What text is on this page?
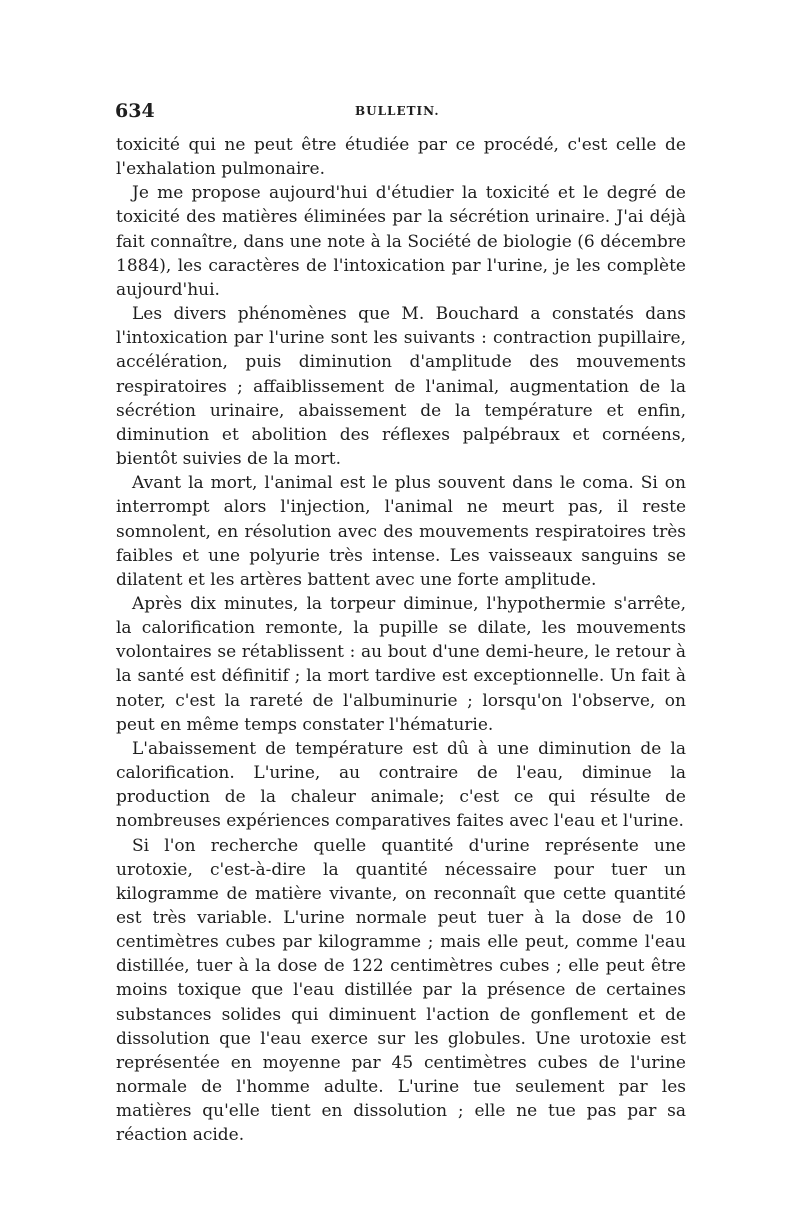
634	BULLETIN.

toxicité qui ne peut être étudiée par ce procédé, c'est celle de l'exhalation pulmonaire.

Je me propose aujourd'hui d'étudier la toxicité et le degré de toxicité des matières éliminées par la sécrétion urinaire. J'ai déjà fait connaître, dans une note à la Société de biologie (6 décembre 1884), les caractères de l'intoxication par l'urine, je les complète aujourd'hui.

Les divers phénomènes que M. Bouchard a constatés dans l'intoxication par l'urine sont les suivants : contraction pupillaire, accélération, puis diminution d'amplitude des mouvements respiratoires ; affaiblissement de l'animal, augmentation de la sécrétion urinaire, abaissement de la température et enfin, diminution et abolition des réflexes palpébraux et cornéens, bientôt suivies de la mort.

Avant la mort, l'animal est le plus souvent dans le coma. Si on interrompt alors l'injection, l'animal ne meurt pas, il reste somnolent, en résolution avec des mouvements respiratoires très faibles et une polyurie très intense. Les vaisseaux sanguins se dilatent et les artères battent avec une forte amplitude.

Après dix minutes, la torpeur diminue, l'hypothermie s'arrête, la calorification remonte, la pupille se dilate, les mouvements volontaires se rétablissent : au bout d'une demi-heure, le retour à la santé est définitif ; la mort tardive est exceptionnelle. Un fait à noter, c'est la rareté de l'albuminurie ; lorsqu'on l'observe, on peut en même temps constater l'hématurie.

L'abaissement de température est dû à une diminution de la calorification. L'urine, au contraire de l'eau, diminue la production de la chaleur animale; c'est ce qui résulte de nombreuses expériences comparatives faites avec l'eau et l'urine.

Si l'on recherche quelle quantité d'urine représente une urotoxie, c'est-à-dire la quantité nécessaire pour tuer un kilogramme de matière vivante, on reconnaît que cette quantité est très variable. L'urine normale peut tuer à la dose de 10 centimètres cubes par kilogramme ; mais elle peut, comme l'eau distillée, tuer à la dose de 122 centimètres cubes ; elle peut être moins toxique que l'eau distillée par la présence de certaines substances solides qui diminuent l'action de gonflement et de dissolution que l'eau exerce sur les globules. Une urotoxie est représentée en moyenne par 45 centimètres cubes de l'urine normale de l'homme adulte. L'urine tue seulement par les matières qu'elle tient en dissolution ; elle ne tue pas par sa réaction acide.
